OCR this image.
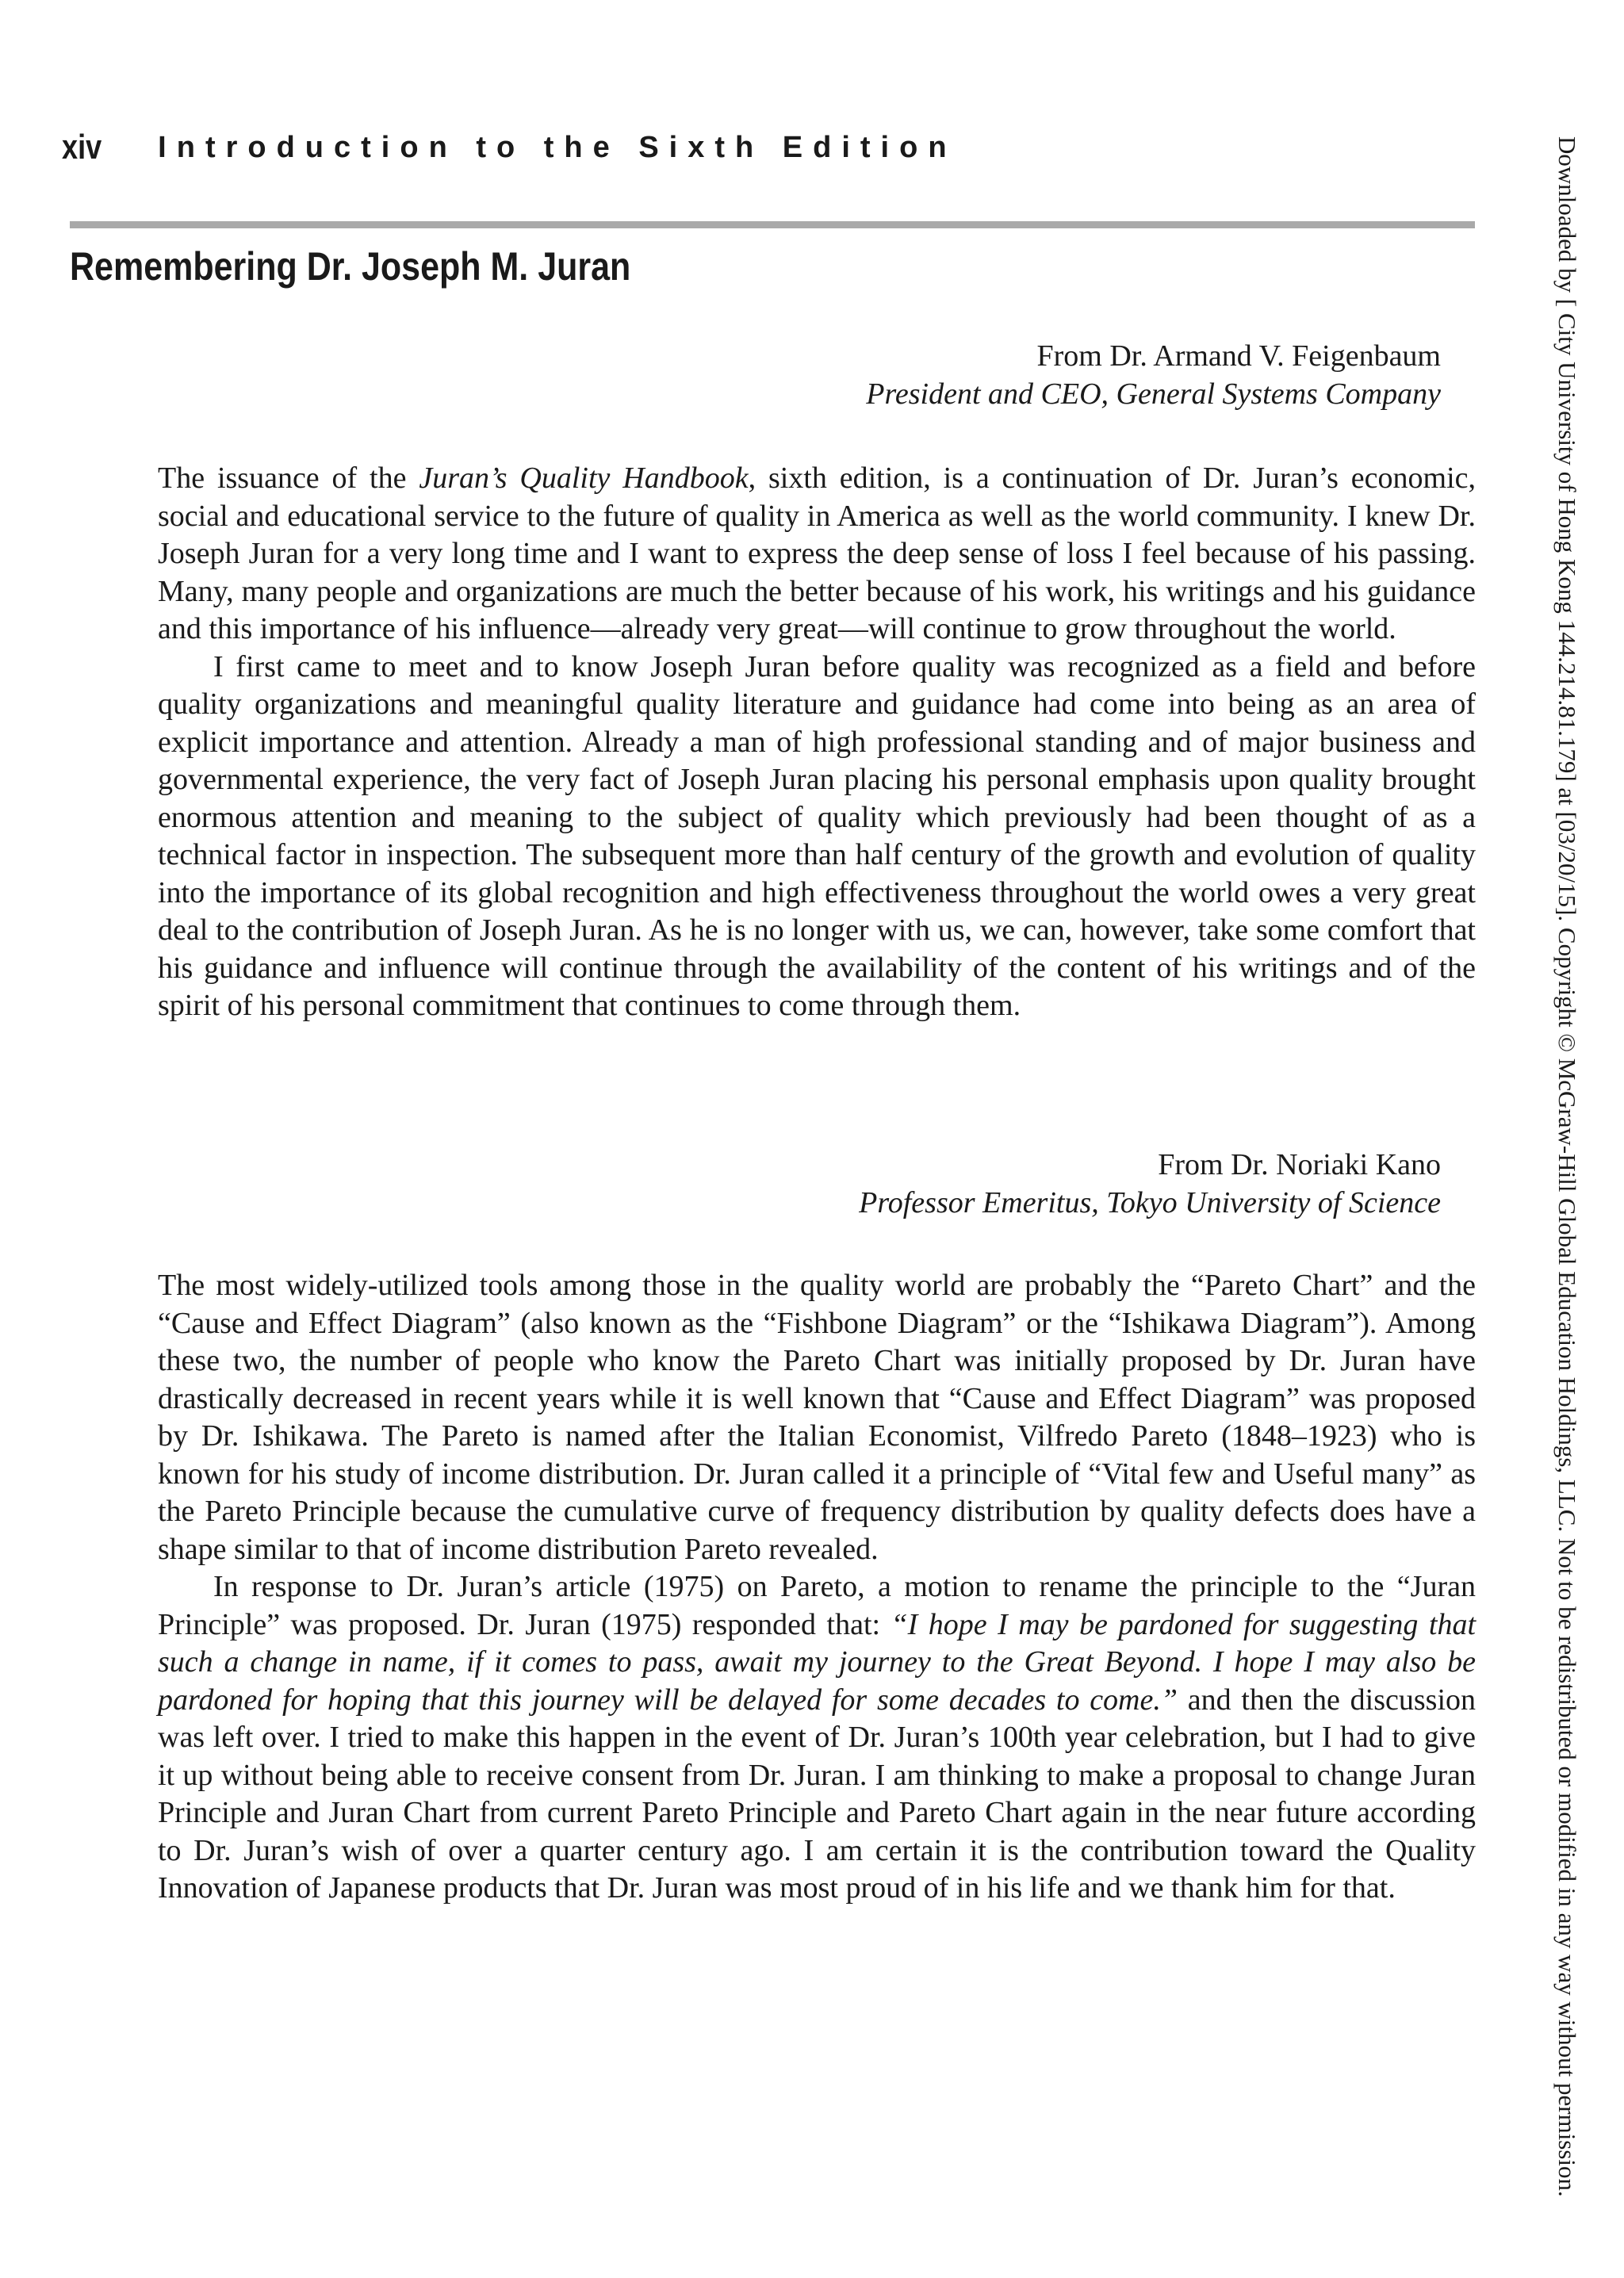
xiv Introduction to the Sixth Edition
Remembering Dr. Joseph M. Juran
From Dr. Armand V. Feigenbaum
President and CEO, General Systems Company

The issuance of the Juran’s Quality Handbook, sixth edition, is a continuation of Dr. Juran’s economic, social and educational service to the future of quality in America as well as the world community. I knew Dr. Joseph Juran for a very long time and I want to express the deep sense of loss I feel because of his passing. Many, many people and organizations are much the better because of his work, his writings and his guidance and this importance of his influence—already very great—will continue to grow throughout the world.

I first came to meet and to know Joseph Juran before quality was recognized as a field and before quality organizations and meaningful quality literature and guidance had come into being as an area of explicit importance and attention. Already a man of high professional standing and of major business and governmental experience, the very fact of Joseph Juran placing his personal emphasis upon quality brought enormous attention and meaning to the subject of quality which previously had been thought of as a technical factor in inspection. The subsequent more than half century of the growth and evolution of quality into the importance of its global recognition and high effectiveness throughout the world owes a very great deal to the contribution of Joseph Juran. As he is no longer with us, we can, however, take some comfort that his guidance and influence will continue through the availability of the content of his writings and of the spirit of his personal commitment that continues to come through them.

From Dr. Noriaki Kano
Professor Emeritus, Tokyo University of Science

The most widely-utilized tools among those in the quality world are probably the “Pareto Chart” and the “Cause and Effect Diagram” (also known as the “Fishbone Diagram” or the “Ishikawa Diagram”). Among these two, the number of people who know the Pareto Chart was initially proposed by Dr. Juran have drastically decreased in recent years while it is well known that “Cause and Effect Diagram” was proposed by Dr. Ishikawa. The Pareto is named after the Italian Economist, Vilfredo Pareto (1848–1923) who is known for his study of income distribution. Dr. Juran called it a principle of “Vital few and Useful many” as the Pareto Principle because the cumulative curve of frequency distribution by quality defects does have a shape similar to that of income distribution Pareto revealed.

In response to Dr. Juran’s article (1975) on Pareto, a motion to rename the principle to the “Juran Principle” was proposed. Dr. Juran (1975) responded that: “I hope I may be pardoned for suggesting that such a change in name, if it comes to pass, await my journey to the Great Beyond. I hope I may also be pardoned for hoping that this journey will be delayed for some decades to come.” and then the discussion was left over. I tried to make this happen in the event of Dr. Juran’s 100th year celebration, but I had to give it up without being able to receive consent from Dr. Juran. I am thinking to make a proposal to change Juran Principle and Juran Chart from current Pareto Principle and Pareto Chart again in the near future according to Dr. Juran’s wish of over a quarter century ago. I am certain it is the contribution toward the Quality Innovation of Japanese products that Dr. Juran was most proud of in his life and we thank him for that.	Downloaded by [ City University of Hong Kong 144.214.81.179] at [03/20/15]. Copyright © McGraw-Hill Global Education Holdings, LLC. Not to be redistributed or modified in any way without permission.
